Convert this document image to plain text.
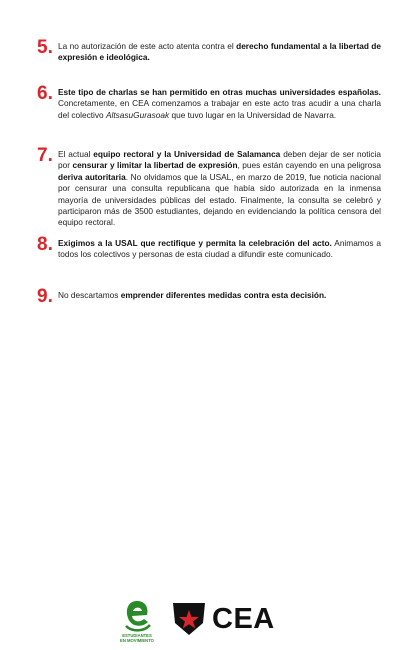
5. La no autorización de este acto atenta contra el derecho fundamental a la libertad de expresión e ideológica.
6. Este tipo de charlas se han permitido en otras muchas universidades españolas. Concretamente, en CEA comenzamos a trabajar en este acto tras acudir a una charla del colectivo AltsasuGurasoak que tuvo lugar en la Universidad de Navarra.
7. El actual equipo rectoral y la Universidad de Salamanca deben dejar de ser noticia por censurar y limitar la libertad de expresión, pues están cayendo en una peligrosa deriva autoritaria. No olvidamos que la USAL, en marzo de 2019, fue noticia nacional por censurar una consulta republicana que había sido autorizada en la inmensa mayoría de universidades públicas del estado. Finalmente, la consulta se celebró y participaron más de 3500 estudiantes, dejando en evidenciando la política censora del equipo rectoral.
8. Exigimos a la USAL que rectifique y permita la celebración del acto. Animamos a todos los colectivos y personas de esta ciudad a difundir este comunicado.
9. No descartamos emprender diferentes medidas contra esta decisión.
ESTUDIANTES
EN MOVIMIENTO
CEA
